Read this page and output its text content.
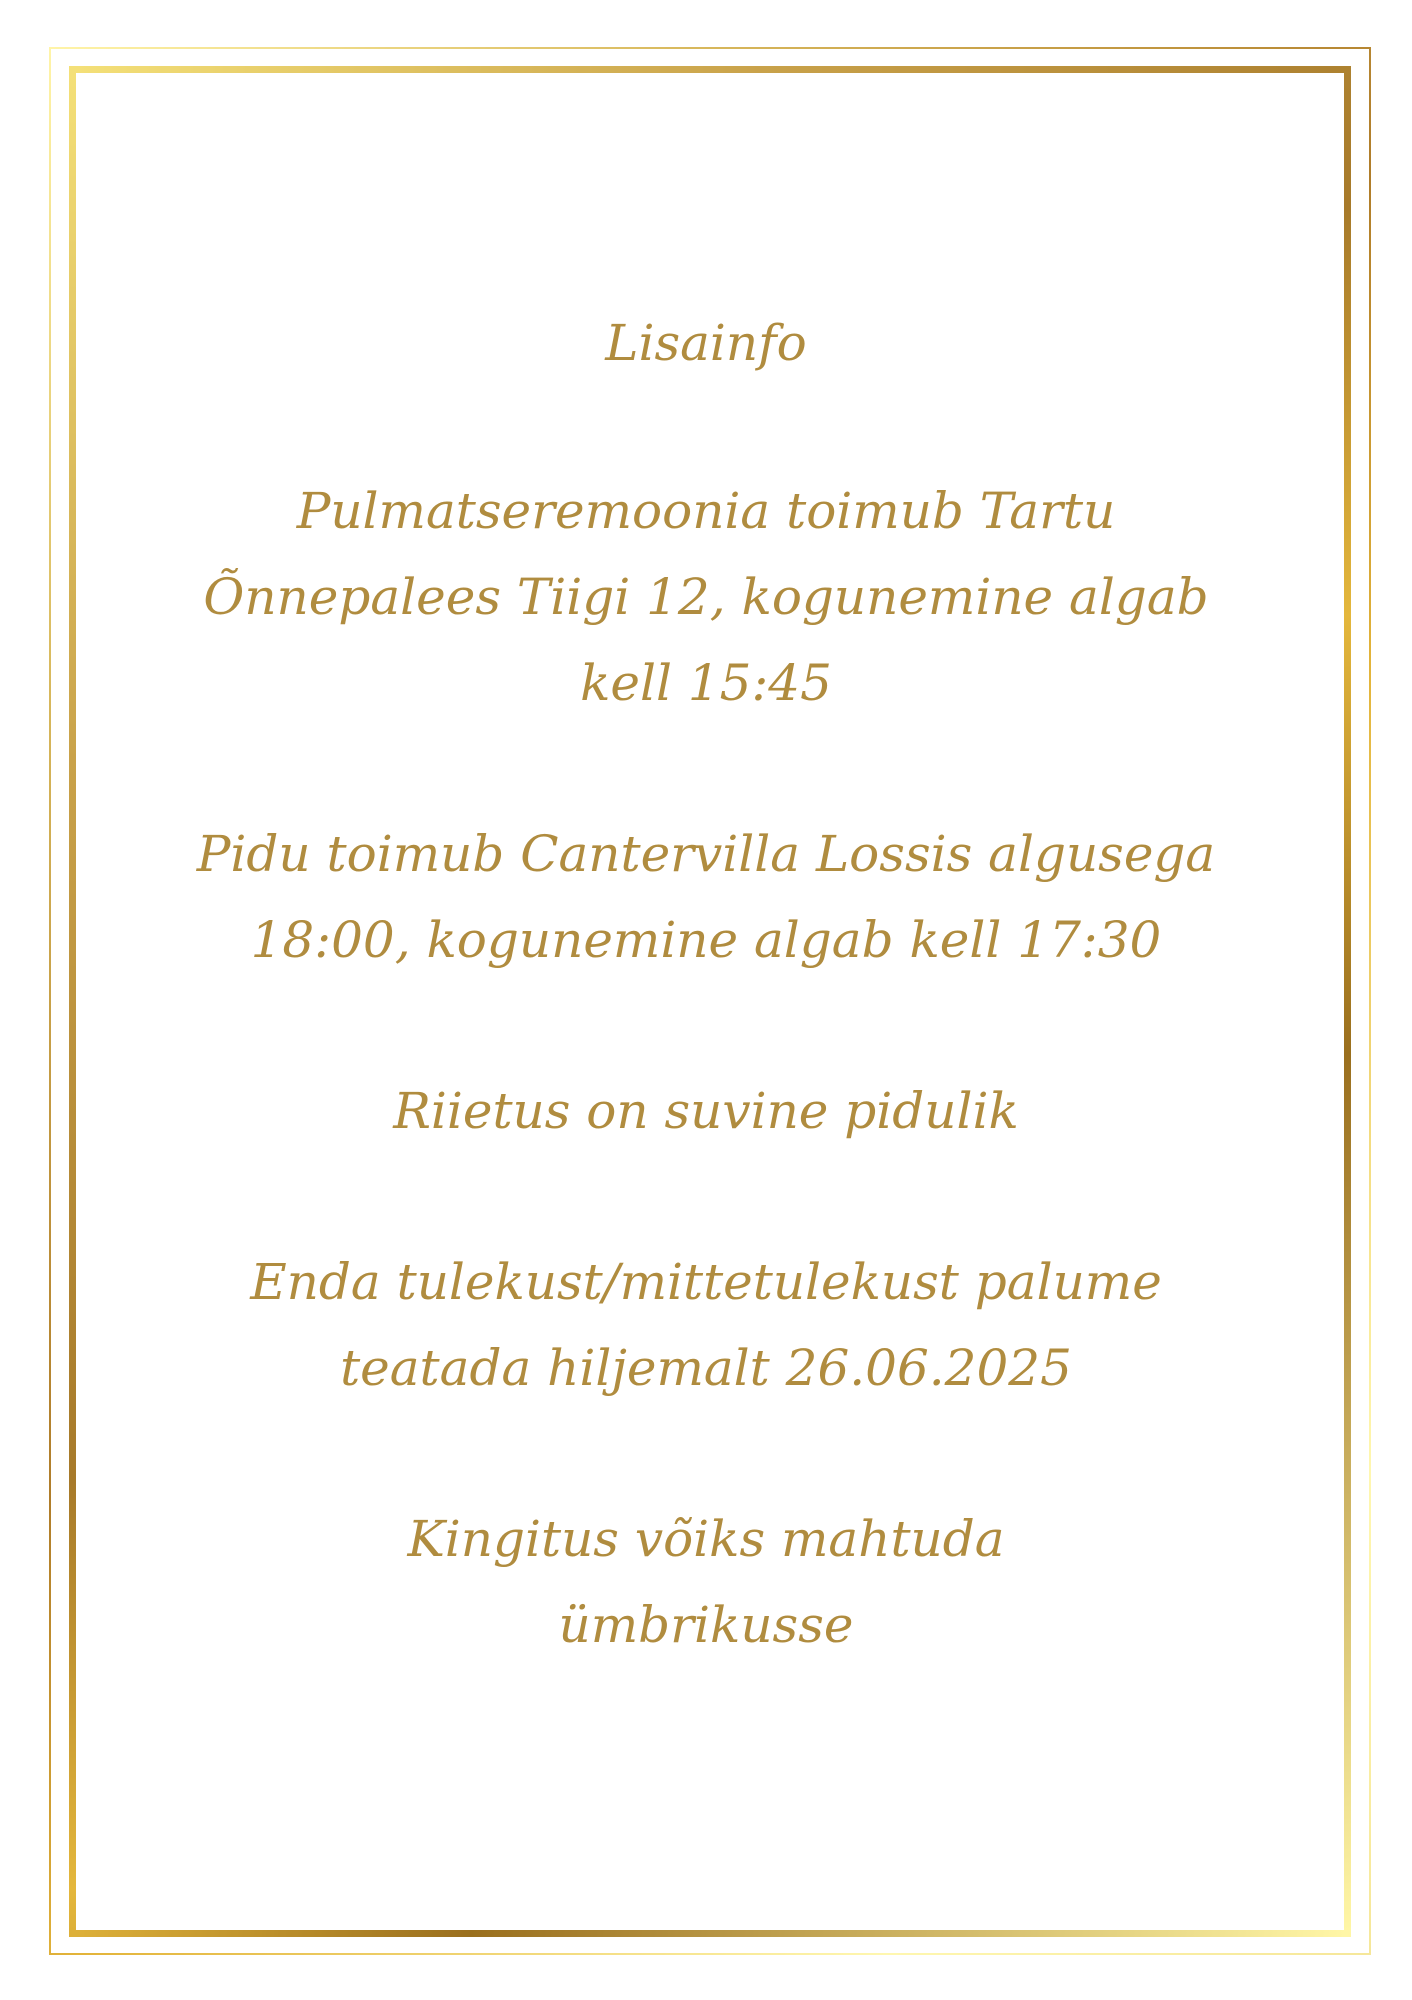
Lisainfo

Pulmatseremoonia toimub Tartu
Õnnepalees Tiigi 12, kogunemine algab
kell 15:45

Pidu toimub Cantervilla Lossis algusega
18:00, kogunemine algab kell 17:30

Riietus on suvine pidulik

Enda tulekust/mittetulekust palume
teatada hiljemalt 26.06.2025

Kingitus võiks mahtuda
ümbrikusse
